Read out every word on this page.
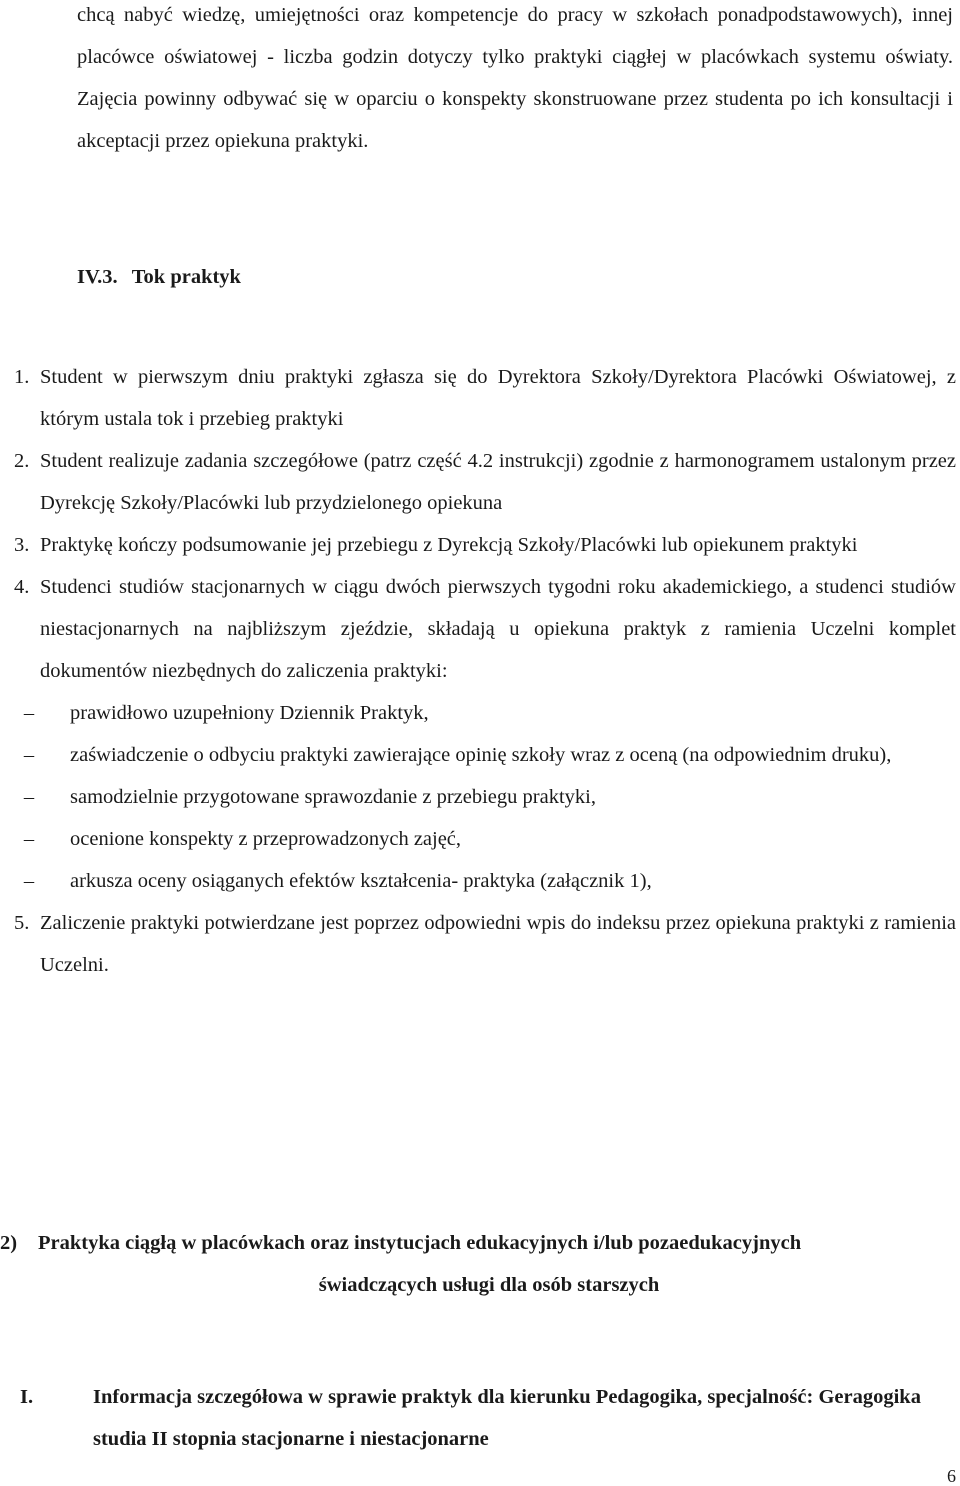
chcą nabyć wiedzę, umiejętności oraz kompetencje do pracy w szkołach ponadpodstawowych), innej placówce oświatowej - liczba godzin dotyczy tylko praktyki ciągłej w placówkach systemu oświaty. Zajęcia powinny odbywać się w oparciu o konspekty skonstruowane przez studenta po ich konsultacji i akceptacji przez opiekuna praktyki.

IV.3. Tok praktyk
1. Student w pierwszym dniu praktyki zgłasza się do Dyrektora Szkoły/Dyrektora Placówki Oświatowej, z którym ustala tok i przebieg praktyki
2. Student realizuje zadania szczegółowe (patrz część 4.2 instrukcji) zgodnie z harmonogramem ustalonym przez Dyrekcję Szkoły/Placówki lub przydzielonego opiekuna
3. Praktykę kończy podsumowanie jej przebiegu z Dyrekcją Szkoły/Placówki lub opiekunem praktyki
4. Studenci studiów stacjonarnych w ciągu dwóch pierwszych tygodni roku akademickiego, a studenci studiów niestacjonarnych na najbliższym zjeździe, składają u opiekuna praktyk z ramienia Uczelni komplet dokumentów niezbędnych do zaliczenia praktyki:
–	prawidłowo uzupełniony Dziennik Praktyk,
–	zaświadczenie o odbyciu praktyki zawierające opinię szkoły wraz z oceną (na odpowiednim druku),
–	samodzielnie przygotowane sprawozdanie z przebiegu praktyki,
–	ocenione konspekty z przeprowadzonych zajęć,
–	arkusza oceny osiąganych efektów kształcenia- praktyka (załącznik 1),
5. Zaliczenie praktyki potwierdzane jest poprzez odpowiedni wpis do indeksu przez opiekuna praktyki z ramienia Uczelni.
2) Praktyka ciągłą w placówkach oraz instytucjach edukacyjnych i/lub pozaedukacyjnych
świadczących usługi dla osób starszych
I.	Informacja szczegółowa w sprawie praktyk dla kierunku Pedagogika, specjalność: Geragogika studia II stopnia stacjonarne i niestacjonarne
6
